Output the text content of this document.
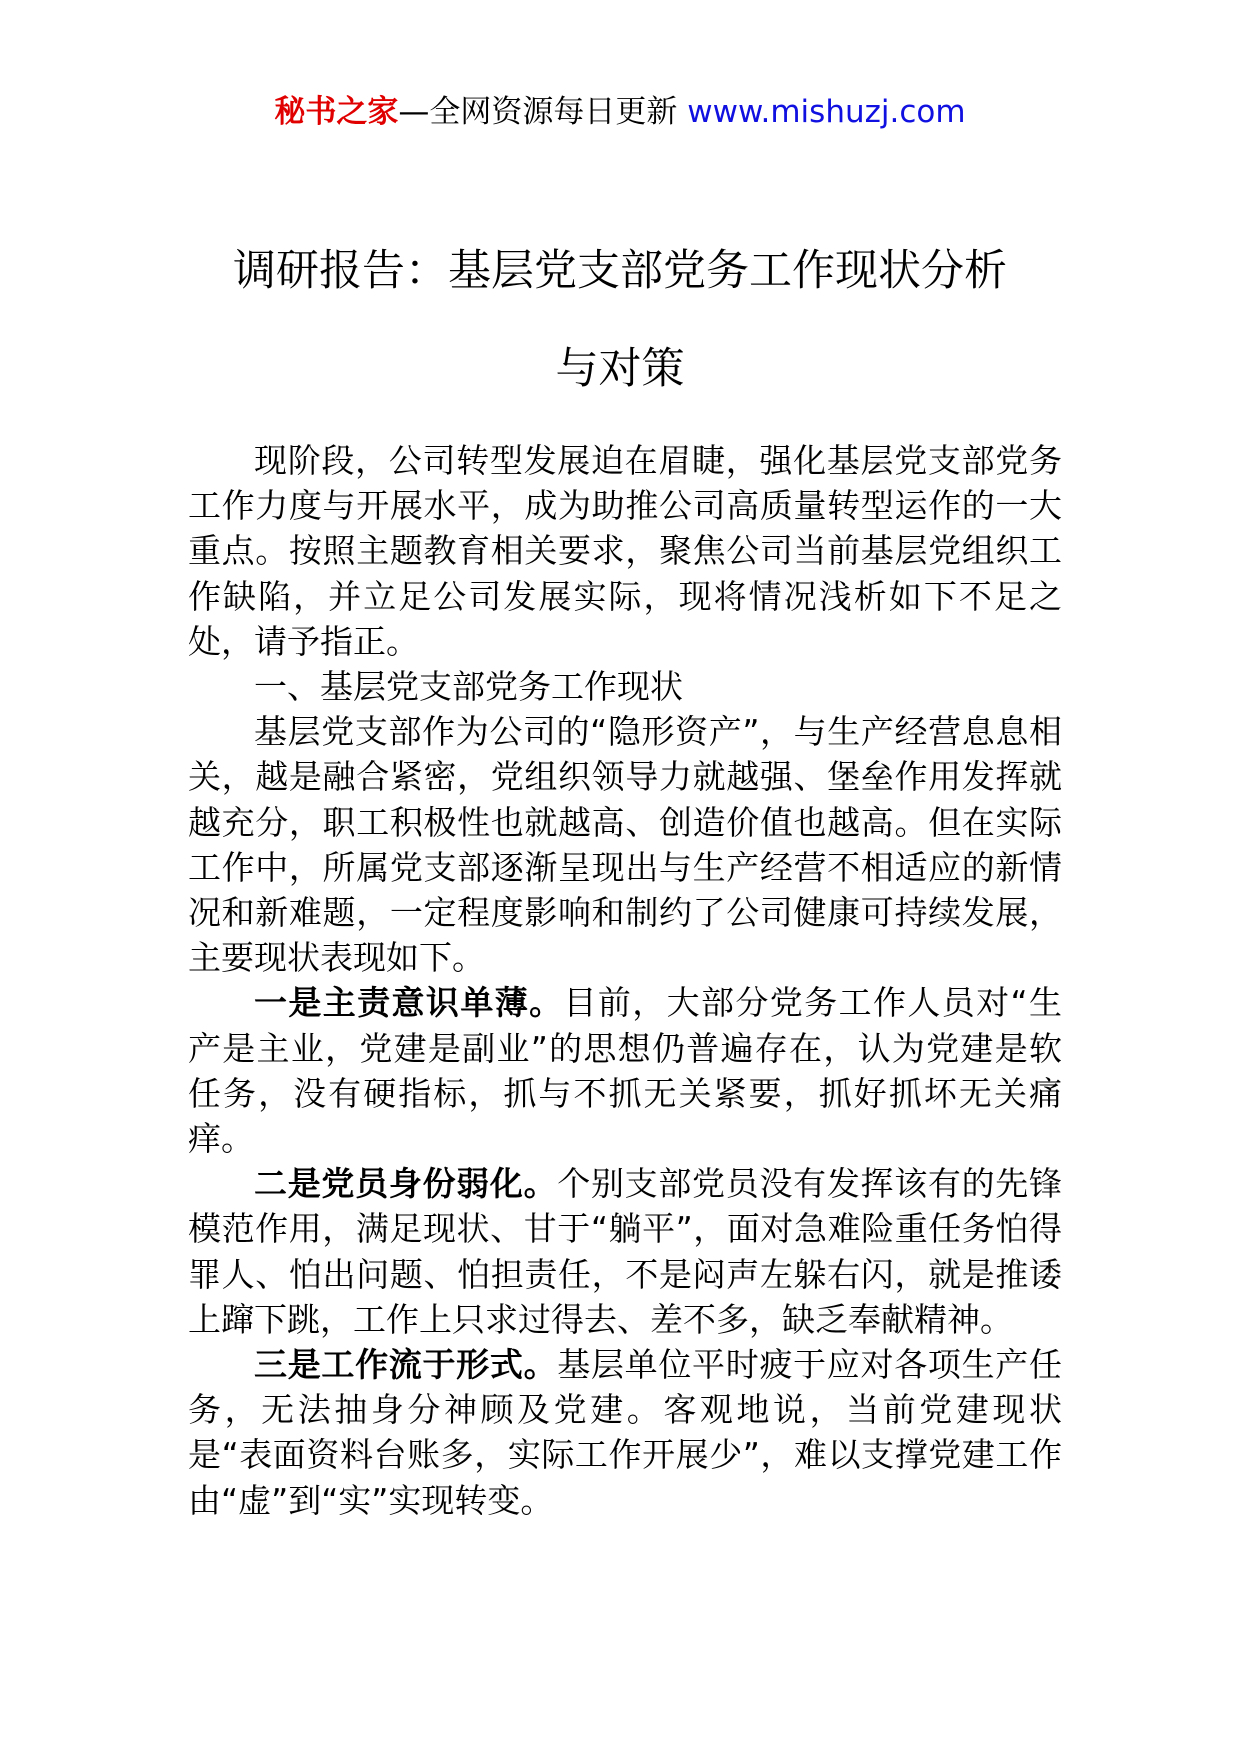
秘书之家—全网资源每日更新 www.mishuzj.com
调研报告：基层党支部党务工作现状分析
与对策

现阶段，公司转型发展迫在眉睫，强化基层党支部党务工作力度与开展水平，成为助推公司高质量转型运作的一大重点。按照主题教育相关要求，聚焦公司当前基层党组织工作缺陷，并立足公司发展实际，现将情况浅析如下不足之处，请予指正。

一、基层党支部党务工作现状

基层党支部作为公司的“隐形资产”，与生产经营息息相关，越是融合紧密，党组织领导力就越强、堡垒作用发挥就越充分，职工积极性也就越高、创造价值也越高。但在实际工作中，所属党支部逐渐呈现出与生产经营不相适应的新情况和新难题，一定程度影响和制约了公司健康可持续发展，主要现状表现如下。

一是主责意识单薄。目前，大部分党务工作人员对“生产是主业，党建是副业”的思想仍普遍存在，认为党建是软任务，没有硬指标，抓与不抓无关紧要，抓好抓坏无关痛痒。

二是党员身份弱化。个别支部党员没有发挥该有的先锋模范作用，满足现状、甘于“躺平”，面对急难险重任务怕得罪人、怕出问题、怕担责任，不是闷声左躲右闪，就是推诿上蹿下跳，工作上只求过得去、差不多，缺乏奉献精神。

三是工作流于形式。基层单位平时疲于应对各项生产任务，无法抽身分神顾及党建。客观地说，当前党建现状是“表面资料台账多，实际工作开展少”，难以支撑党建工作由“虚”到“实”实现转变。
